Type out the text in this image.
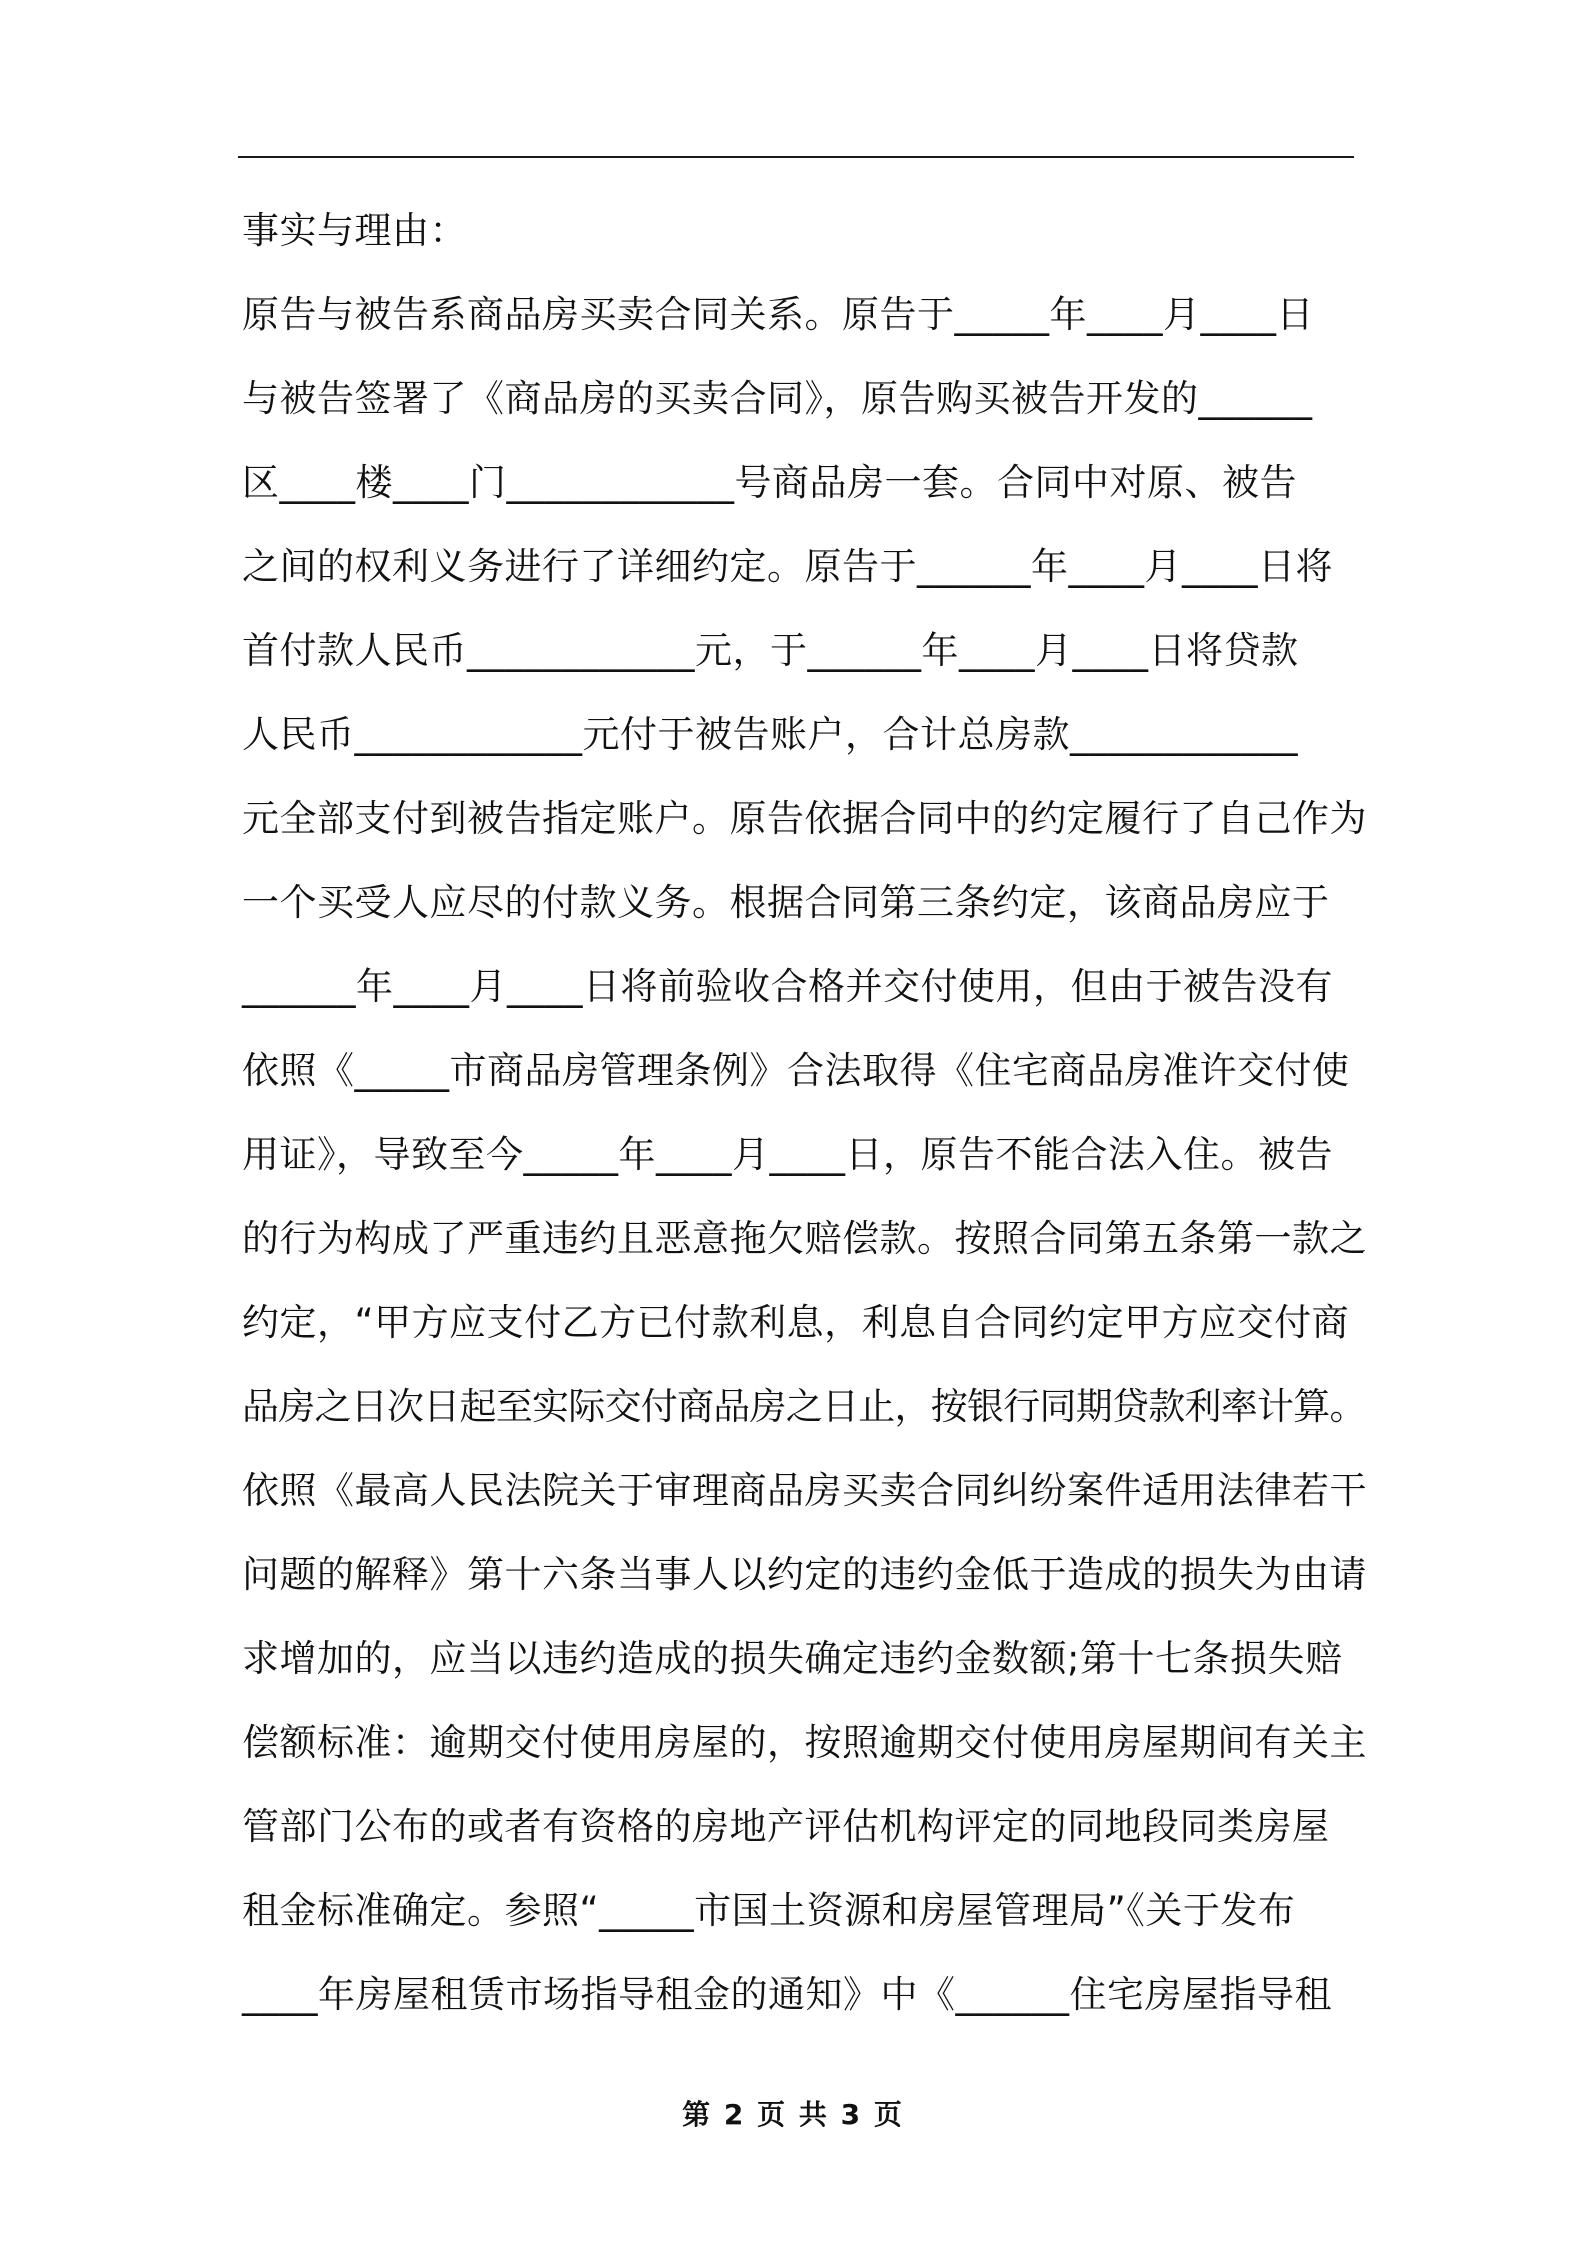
事实与理由：
原告与被告系商品房买卖合同关系。原告于_____年____月____日
与被告签署了《商品房的买卖合同》，原告购买被告开发的______
区____楼____门____________号商品房一套。合同中对原、被告
之间的权利义务进行了详细约定。原告于______年____月____日将
首付款人民币____________元，于______年____月____日将贷款
人民币____________元付于被告账户，合计总房款____________
元全部支付到被告指定账户。原告依据合同中的约定履行了自己作为
一个买受人应尽的付款义务。根据合同第三条约定，该商品房应于
______年____月____日将前验收合格并交付使用，但由于被告没有
依照《_____市商品房管理条例》合法取得《住宅商品房准许交付使
用证》，导致至今_____年____月____日，原告不能合法入住。被告
的行为构成了严重违约且恶意拖欠赔偿款。按照合同第五条第一款之
约定，“甲方应支付乙方已付款利息，利息自合同约定甲方应交付商
品房之日次日起至实际交付商品房之日止，按银行同期贷款利率计算。
依照《最高人民法院关于审理商品房买卖合同纠纷案件适用法律若干
问题的解释》第十六条当事人以约定的违约金低于造成的损失为由请
求增加的，应当以违约造成的损失确定违约金数额;第十七条损失赔
偿额标准：逾期交付使用房屋的，按照逾期交付使用房屋期间有关主
管部门公布的或者有资格的房地产评估机构评定的同地段同类房屋
租金标准确定。参照“_____市国土资源和房屋管理局”《关于发布
____年房屋租赁市场指导租金的通知》中《______住宅房屋指导租
第 2 页 共 3 页
